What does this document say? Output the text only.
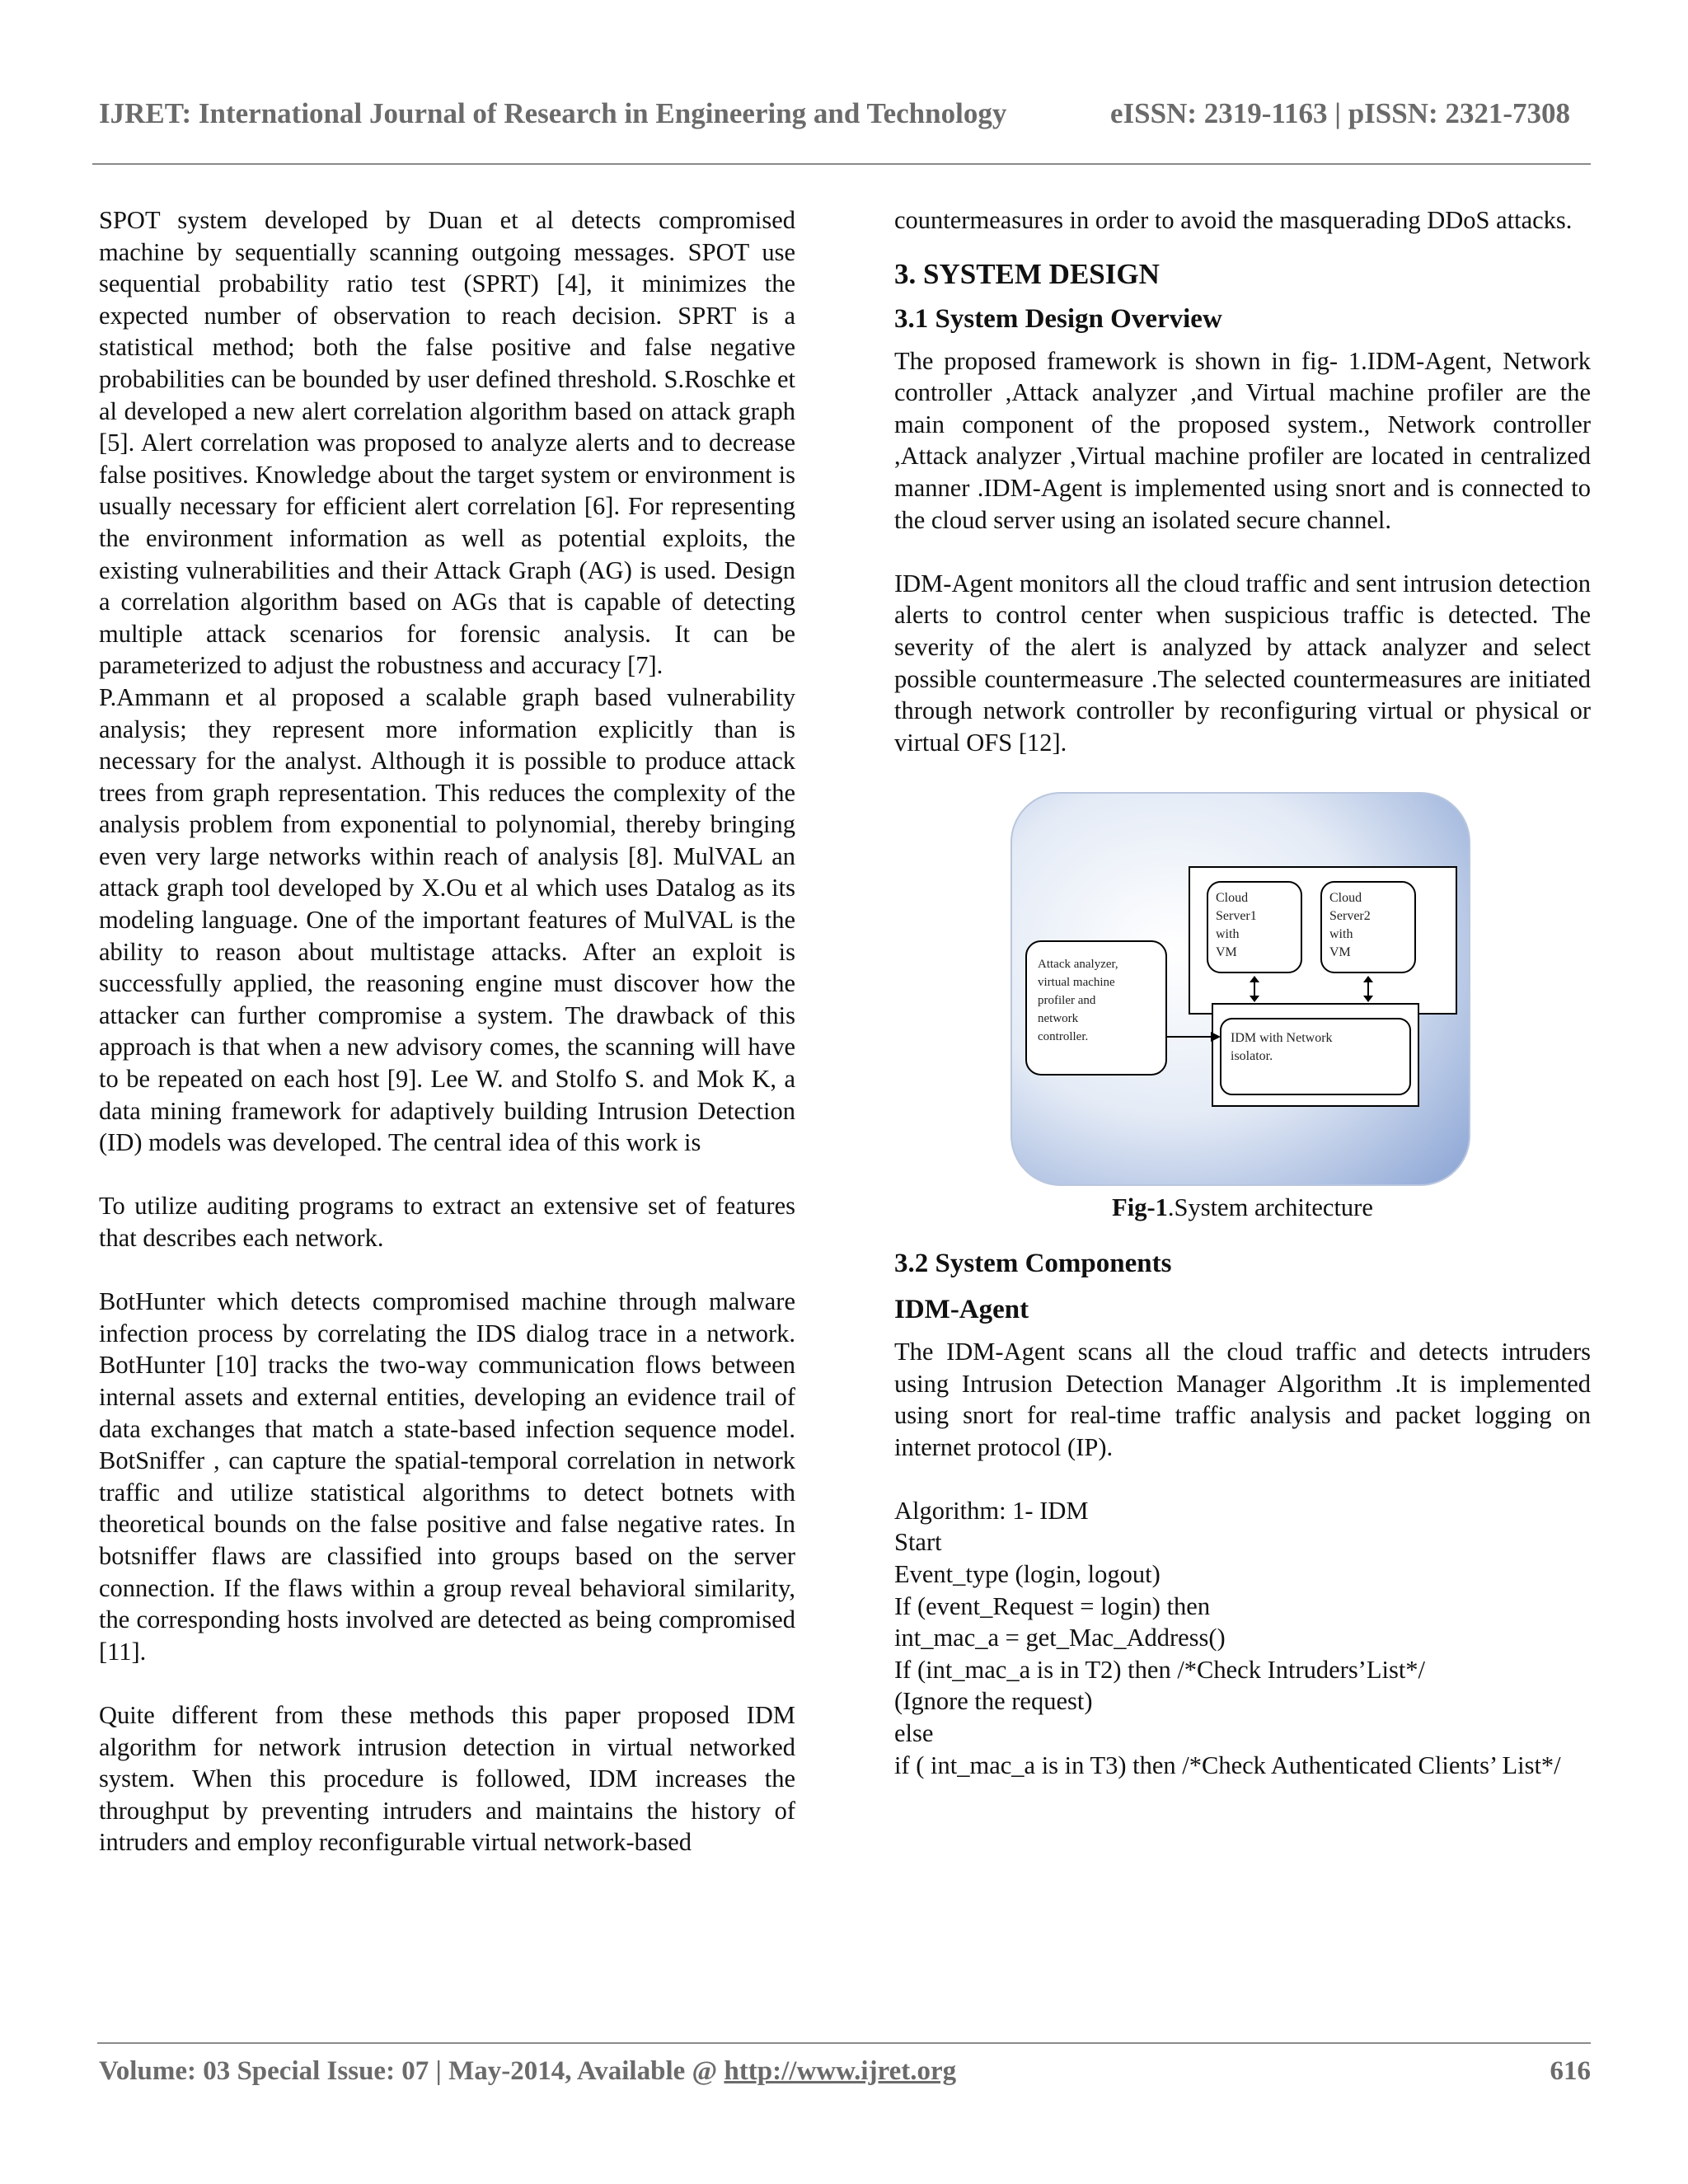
IJRET: International Journal of Research in Engineering and Technology	eISSN: 2319-1163 | pISSN: 2321-7308

SPOT system developed by Duan et al detects compromised machine by sequentially scanning outgoing messages. SPOT use sequential probability ratio test (SPRT) [4], it minimizes the expected number of observation to reach decision. SPRT is a statistical method; both the false positive and false negative probabilities can be bounded by user defined threshold. S.Roschke et al developed a new alert correlation algorithm based on attack graph [5]. Alert correlation was proposed to analyze alerts and to decrease false positives. Knowledge about the target system or environment is usually necessary for efficient alert correlation [6]. For representing the environment information as well as potential exploits, the existing vulnerabilities and their Attack Graph (AG) is used. Design a correlation algorithm based on AGs that is capable of detecting multiple attack scenarios for forensic analysis. It can be parameterized to adjust the robustness and accuracy [7].

P.Ammann et al proposed a scalable graph based vulnerability analysis; they represent more information explicitly than is necessary for the analyst. Although it is possible to produce attack trees from graph representation. This reduces the complexity of the analysis problem from exponential to polynomial, thereby bringing even very large networks within reach of analysis [8]. MulVAL an attack graph tool developed by X.Ou et al which uses Datalog as its modeling language. One of the important features of MulVAL is the ability to reason about multistage attacks. After an exploit is successfully applied, the reasoning engine must discover how the attacker can further compromise a system. The drawback of this approach is that when a new advisory comes, the scanning will have to be repeated on each host [9]. Lee W. and Stolfo S. and Mok K, a data mining framework for adaptively building Intrusion Detection (ID) models was developed. The central idea of this work is

To utilize auditing programs to extract an extensive set of features that describes each network.

BotHunter which detects compromised machine through malware infection process by correlating the IDS dialog trace in a network. BotHunter [10] tracks the two-way communication flows between internal assets and external entities, developing an evidence trail of data exchanges that match a state-based infection sequence model. BotSniffer , can capture the spatial-temporal correlation in network traffic and utilize statistical algorithms to detect botnets with theoretical bounds on the false positive and false negative rates. In botsniffer flaws are classified into groups based on the server connection. If the flaws within a group reveal behavioral similarity, the corresponding hosts involved are detected as being compromised [11].

Quite different from these methods this paper proposed IDM algorithm for network intrusion detection in virtual networked system. When this procedure is followed, IDM increases the throughput by preventing intruders and maintains the history of intruders and employ reconfigurable virtual network-based

countermeasures in order to avoid the masquerading DDoS attacks.

3. SYSTEM DESIGN
3.1 System Design Overview

The proposed framework is shown in fig- 1.IDM-Agent, Network controller ,Attack analyzer ,and Virtual machine profiler are the main component of the proposed system., Network controller ,Attack analyzer ,Virtual machine profiler are located in centralized manner .IDM-Agent is implemented using snort and is connected to the cloud server using an isolated secure channel.

IDM-Agent monitors all the cloud traffic and sent intrusion detection alerts to control center when suspicious traffic is detected. The severity of the alert is analyzed by attack analyzer and select possible countermeasure .The selected countermeasures are initiated through network controller by reconfiguring virtual or physical or virtual OFS [12].

Cloud Server1 with VM
Cloud Server2 with VM
IDM with Network isolator.
Attack analyzer, virtual machine profiler and network controller.

Fig-1.System architecture

3.2 System Components
IDM-Agent

The IDM-Agent scans all the cloud traffic and detects intruders using Intrusion Detection Manager Algorithm .It is implemented using snort for real-time traffic analysis and packet logging on internet protocol (IP).

Algorithm: 1- IDM

Start

Event_type (login, logout)

If (event_Request = login) then

int_mac_a = get_Mac_Address()

If (int_mac_a is in T2) then /*Check Intruders’List*/

(Ignore the request)

else

if ( int_mac_a is in T3) then /*Check Authenticated Clients’ List*/

Volume: 03 Special Issue: 07 | May-2014, Available @ http://www.ijret.org	616
